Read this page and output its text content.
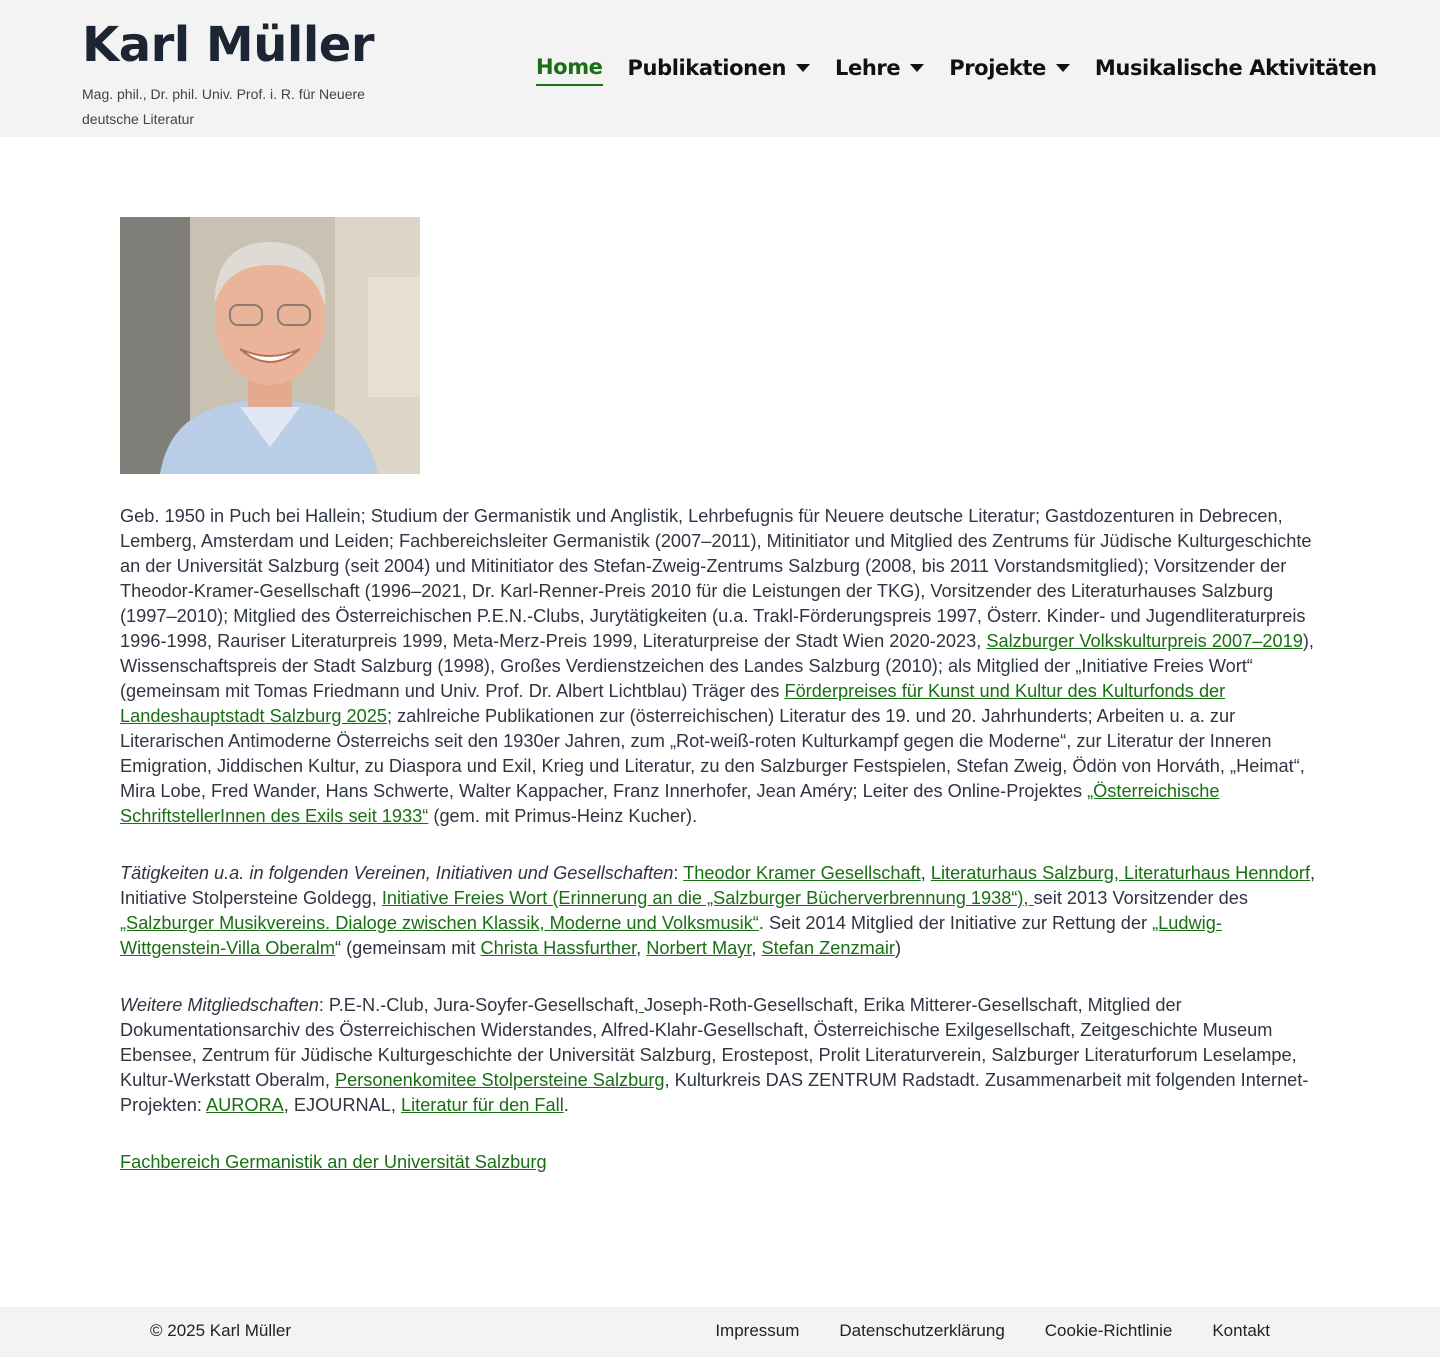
Karl Müller

Mag. phil., Dr. phil. Univ. Prof. i. R. für Neuere deutsche Literatur

Home Publikationen Lehre Projekte Musikalische Aktivitäten

Geb. 1950 in Puch bei Hallein; Studium der Germanistik und Anglistik, Lehrbefugnis für Neuere deutsche Literatur; Gastdozenturen in Debrecen, Lemberg, Amsterdam und Leiden; Fachbereichsleiter Germanistik (2007–2011), Mitinitiator und Mitglied des Zentrums für Jüdische Kulturgeschichte an der Universität Salzburg (seit 2004) und Mitinitiator des Stefan-Zweig-Zentrums Salzburg (2008, bis 2011 Vorstandsmitglied); Vorsitzender der Theodor-Kramer-Gesellschaft (1996–2021, Dr. Karl-Renner-Preis 2010 für die Leistungen der TKG), Vorsitzender des Literaturhauses Salzburg (1997–2010); Mitglied des Österreichischen P.E.N.-Clubs, Jurytätigkeiten (u.a. Trakl-Förderungspreis 1997, Österr. Kinder- und Jugendliteraturpreis 1996-1998, Rauriser Literaturpreis 1999, Meta-Merz-Preis 1999, Literaturpreise der Stadt Wien 2020-2023, Salzburger Volkskulturpreis 2007–2019), Wissenschaftspreis der Stadt Salzburg (1998), Großes Verdienstzeichen des Landes Salzburg (2010); als Mitglied der „Initiative Freies Wort“ (gemeinsam mit Tomas Friedmann und Univ. Prof. Dr. Albert Lichtblau) Träger des Förderpreises für Kunst und Kultur des Kulturfonds der Landeshauptstadt Salzburg 2025; zahlreiche Publikationen zur (österreichischen) Literatur des 19. und 20. Jahrhunderts; Arbeiten u. a. zur Literarischen Antimoderne Österreichs seit den 1930er Jahren, zum „Rot-weiß-roten Kulturkampf gegen die Moderne“, zur Literatur der Inneren Emigration, Jiddischen Kultur, zu Diaspora und Exil, Krieg und Literatur, zu den Salzburger Festspielen, Stefan Zweig, Ödön von Horváth, „Heimat“, Mira Lobe, Fred Wander, Hans Schwerte, Walter Kappacher, Franz Innerhofer, Jean Améry; Leiter des Online-Projektes „Österreichische SchriftstellerInnen des Exils seit 1933“ (gem. mit Primus-Heinz Kucher).

Tätigkeiten u.a. in folgenden Vereinen, Initiativen und Gesellschaften: Theodor Kramer Gesellschaft, Literaturhaus Salzburg, Literaturhaus Henndorf, Initiative Stolpersteine Goldegg, Initiative Freies Wort (Erinnerung an die „Salzburger Bücherverbrennung 1938“), seit 2013 Vorsitzender des „Salzburger Musikvereins. Dialoge zwischen Klassik, Moderne und Volksmusik“. Seit 2014 Mitglied der Initiative zur Rettung der „Ludwig-Wittgenstein-Villa Oberalm“ (gemeinsam mit Christa Hassfurther, Norbert Mayr, Stefan Zenzmair)

Weitere Mitgliedschaften: P.E-N.-Club, Jura-Soyfer-Gesellschaft, Joseph-Roth-Gesellschaft, Erika Mitterer-Gesellschaft, Mitglied der Dokumentationsarchiv des Österreichischen Widerstandes, Alfred-Klahr-Gesellschaft, Österreichische Exilgesellschaft, Zeitgeschichte Museum Ebensee, Zentrum für Jüdische Kulturgeschichte der Universität Salzburg, Erostepost, Prolit Literaturverein, Salzburger Literaturforum Leselampe, Kultur-Werkstatt Oberalm, Personenkomitee Stolpersteine Salzburg, Kulturkreis DAS ZENTRUM Radstadt. Zusammenarbeit mit folgenden Internet-Projekten: AURORA, EJOURNAL, Literatur für den Fall.

Fachbereich Germanistik an der Universität Salzburg

© 2025 Karl Müller	Impressum Datenschutzerklärung Cookie-Richtlinie Kontakt
